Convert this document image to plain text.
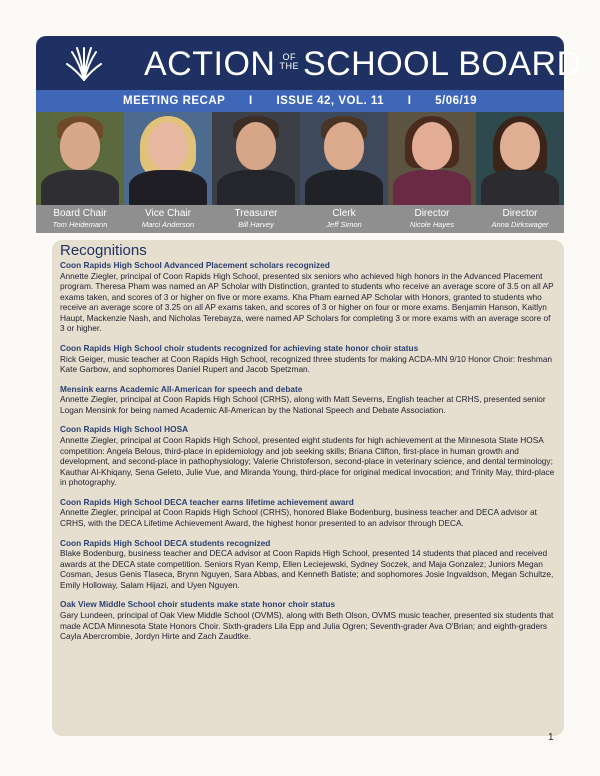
ACTION OF
THE SCHOOL BOARD
MEETING RECAP I ISSUE 42, VOL. 11 I 5/06/19
Board Chair
Tom Heidemann
Vice Chair
Marci Anderson
Treasurer
Bill Harvey
Clerk
Jeff Simon
Director
Nicole Hayes
Director
Anna Dirkswager
Recognitions
Coon Rapids High School Advanced Placement scholars recognized

Annette Ziegler, principal of Coon Rapids High School, presented six seniors who achieved high honors in the Advanced Placement program. Theresa Pham was named an AP Scholar with Distinction, granted to students who receive an average score of 3.5 on all AP exams taken, and scores of 3 or higher on five or more exams. Kha Pham earned AP Scholar with Honors, granted to students who receive an average score of 3.25 on all AP exams taken, and scores of 3 or higher on four or more exams. Benjamin Hanson, Kaitlyn Haupt, Mackenzie Nash, and Nicholas Terebayza, were named AP Scholars for completing 3 or more exams with an average score of 3 or higher.

Coon Rapids High School choir students recognized for achieving state honor choir status

Rick Geiger, music teacher at Coon Rapids High School, recognized three students for making ACDA-MN 9/10 Honor Choir: freshman Kate Garbow, and sophomores Daniel Rupert and Jacob Spetzman.

Mensink earns Academic All-American for speech and debate

Annette Ziegler, principal at Coon Rapids High School (CRHS), along with Matt Severns, English teacher at CRHS, presented senior Logan Mensink for being named Academic All-American by the National Speech and Debate Association.

Coon Rapids High School HOSA

Annette Ziegler, principal at Coon Rapids High School, presented eight students for high achievement at the Minnesota State HOSA competition: Angela Belous, third-place in epidemiology and job seeking skills; Briana Clifton, first-place in human growth and development, and second-place in pathophysiology; Valerie Christoferson, second-place in veterinary science, and dental terminology; Kauthar Al-Khiqany, Sena Geleto, Julie Vue, and Miranda Young, third-place for original medical invocation; and Trinity May, third-place in photography.

Coon Rapids High School DECA teacher earns lifetime achievement award

Annette Ziegler, principal at Coon Rapids High School (CRHS), honored Blake Bodenburg, business teacher and DECA advisor at CRHS, with the DECA Lifetime Achievement Award, the highest honor presented to an advisor through DECA.

Coon Rapids High School DECA students recognized

Blake Bodenburg, business teacher and DECA advisor at Coon Rapids High School, presented 14 students that placed and received awards at the DECA state competition. Seniors Ryan Kemp, Ellen Leciejewski, Sydney Soczek, and Maja Gonzalez; Juniors Megan Cosman, Jesus Genis Tlaseca, Brynn Nguyen, Sara Abbas, and Kenneth Batiste; and sophomores Josie Ingvaldson, Megan Schultze, Emily Holloway, Salam Hijazi, and Uyen Nguyen.

Oak View Middle School choir students make state honor choir status

Gary Lundeen, principal of Oak View Middle School (OVMS), along with Beth Olson, OVMS music teacher, presented six students that made ACDA Minnesota State Honors Choir. Sixth-graders Lila Epp and Julia Ogren; Seventh-grader Ava O'Brian; and eighth-graders Cayla Abercrombie, Jordyn Hirte and Zach Zaudtke.

1
